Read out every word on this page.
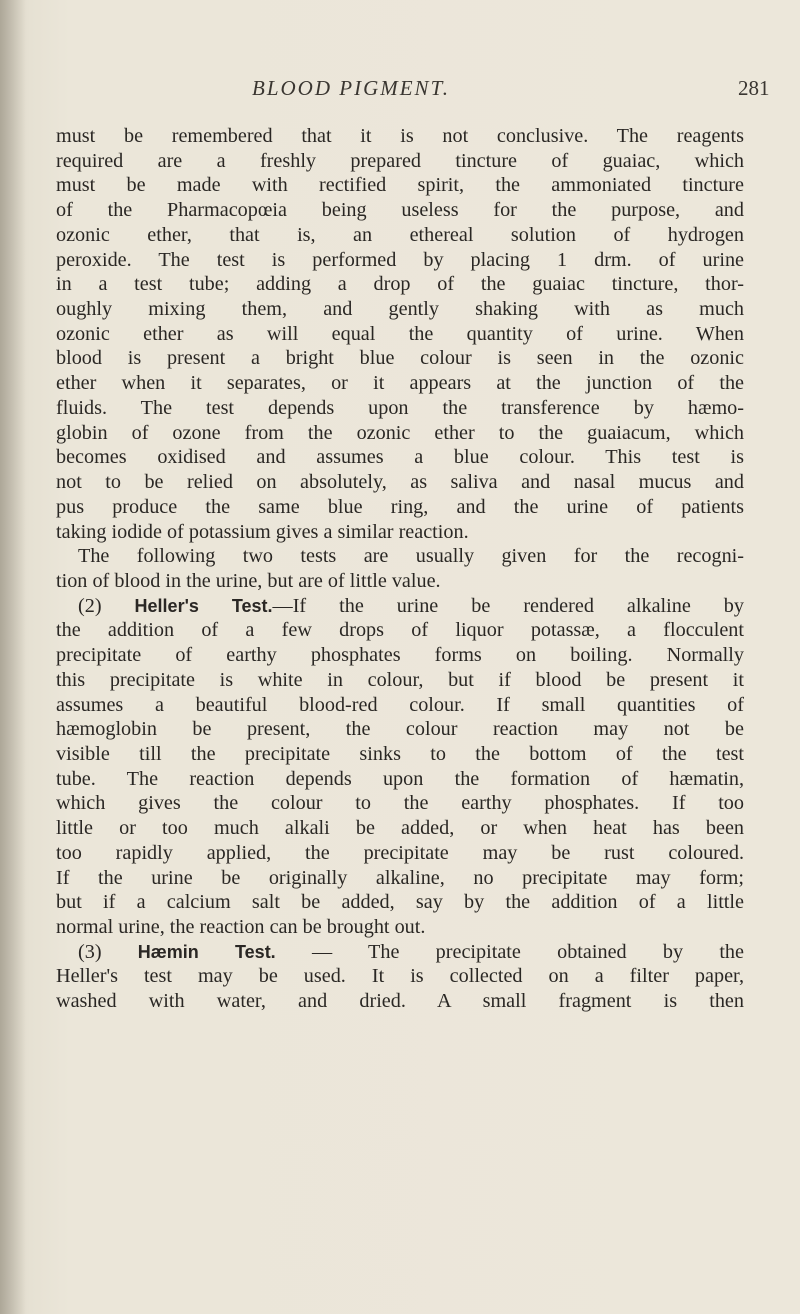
BLOOD PIGMENT.	281
must be remembered that it is not conclusive. The reagents
required are a freshly prepared tincture of guaiac, which
must be made with rectified spirit, the ammoniated tincture
of the Pharmacopœia being useless for the purpose, and
ozonic ether, that is, an ethereal solution of hydrogen
peroxide. The test is performed by placing 1 drm. of urine
in a test tube; adding a drop of the guaiac tincture, thor-
oughly mixing them, and gently shaking with as much
ozonic ether as will equal the quantity of urine. When
blood is present a bright blue colour is seen in the ozonic
ether when it separates, or it appears at the junction of the
fluids. The test depends upon the transference by hæmo-
globin of ozone from the ozonic ether to the guaiacum, which
becomes oxidised and assumes a blue colour. This test is
not to be relied on absolutely, as saliva and nasal mucus and
pus produce the same blue ring, and the urine of patients
taking iodide of potassium gives a similar reaction.
The following two tests are usually given for the recogni-
tion of blood in the urine, but are of little value.
(2) Heller's Test.—If the urine be rendered alkaline by
the addition of a few drops of liquor potassæ, a flocculent
precipitate of earthy phosphates forms on boiling. Normally
this precipitate is white in colour, but if blood be present it
assumes a beautiful blood-red colour. If small quantities of
hæmoglobin be present, the colour reaction may not be
visible till the precipitate sinks to the bottom of the test
tube. The reaction depends upon the formation of hæmatin,
which gives the colour to the earthy phosphates. If too
little or too much alkali be added, or when heat has been
too rapidly applied, the precipitate may be rust coloured.
If the urine be originally alkaline, no precipitate may form;
but if a calcium salt be added, say by the addition of a little
normal urine, the reaction can be brought out.
(3) Hæmin Test. — The precipitate obtained by the
Heller's test may be used. It is collected on a filter paper,
washed with water, and dried. A small fragment is then
